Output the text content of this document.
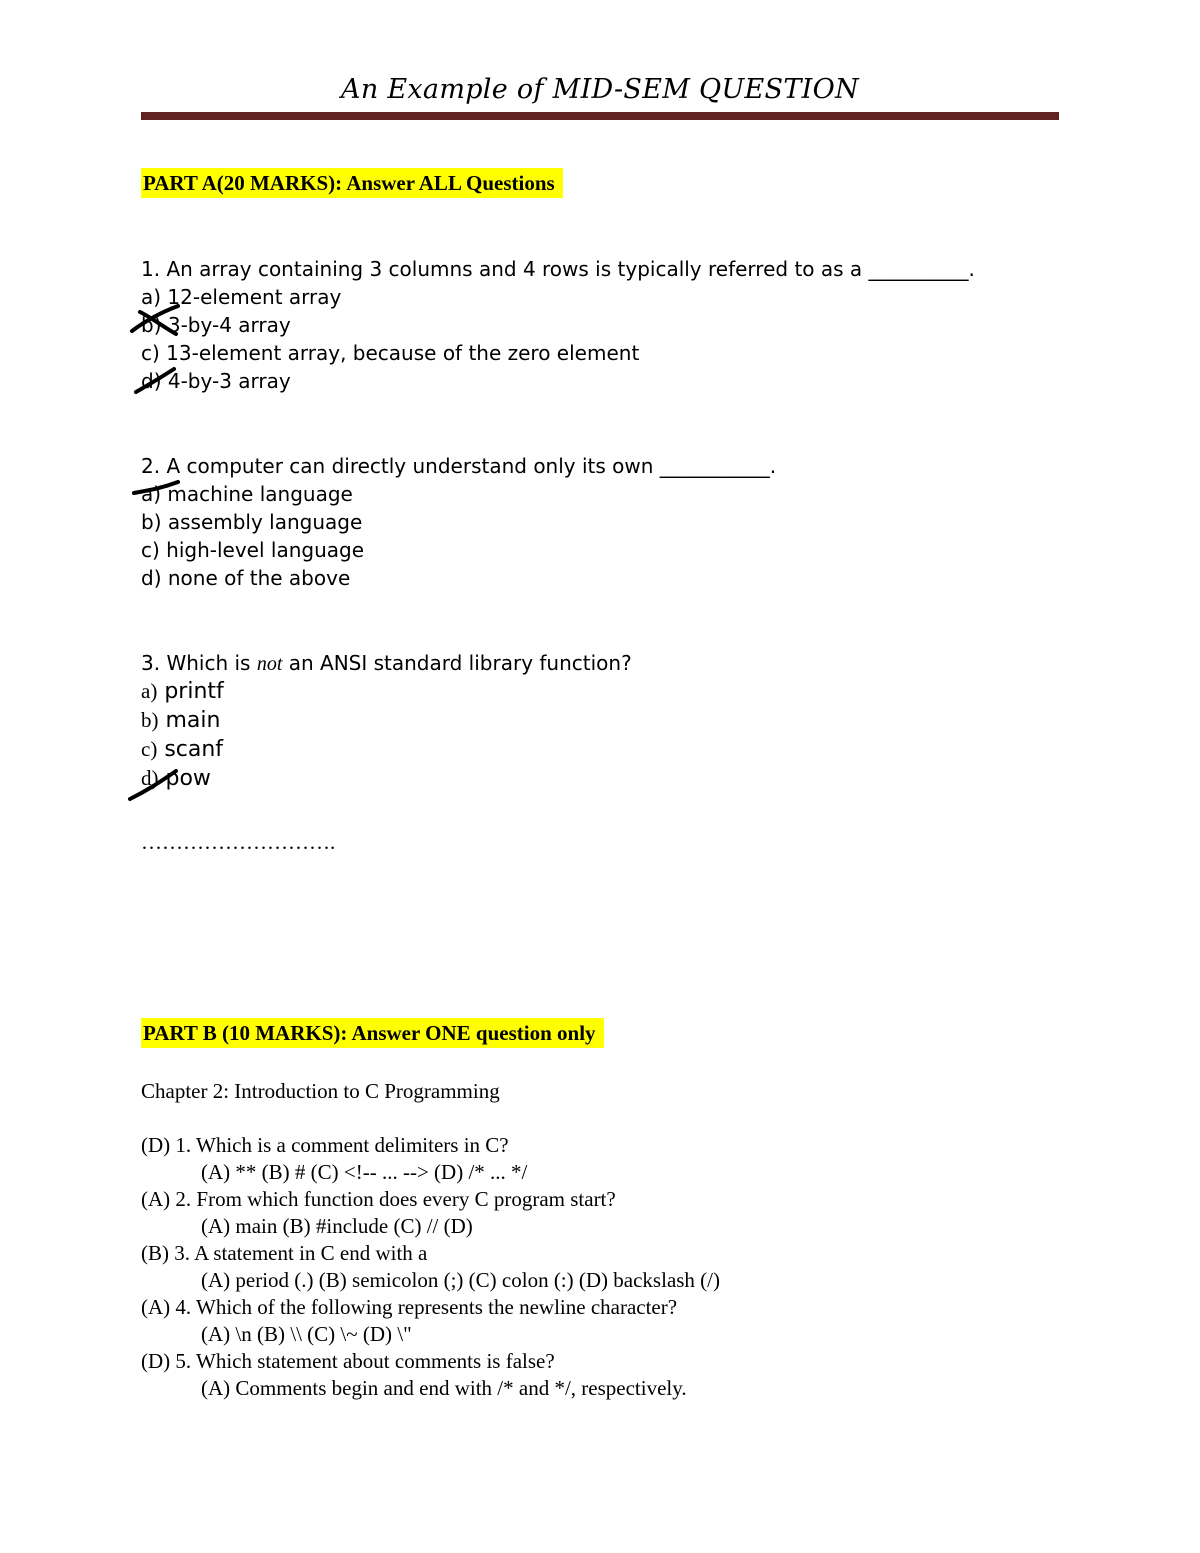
An Example of MID-SEM QUESTION
PART A(20 MARKS): Answer ALL Questions
1. An array containing 3 columns and 4 rows is typically referred to as a __________.
a) 12-element array
b) 3-by-4 array
c) 13-element array, because of the zero element
d) 4-by-3 array
2. A computer can directly understand only its own ___________.
a) machine language
b) assembly language
c) high-level language
d) none of the above
3. Which is not an ANSI standard library function?
a) printf
b) main
c) scanf
d) pow
……………………….
PART B (10 MARKS): Answer ONE question only
Chapter 2: Introduction to C Programming
(D) 1. Which is a comment delimiters in C?
(A) ** (B) # (C) <!-- ... --> (D) /* ... */
(A) 2. From which function does every C program start?
(A) main (B) #include (C) // (D)
(B) 3. A statement in C end with a
(A) period (.) (B) semicolon (;) (C) colon (:) (D) backslash (/)
(A) 4. Which of the following represents the newline character?
(A) \n (B) \\ (C) \~ (D) \"
(D) 5. Which statement about comments is false?
(A) Comments begin and end with /* and */, respectively.
